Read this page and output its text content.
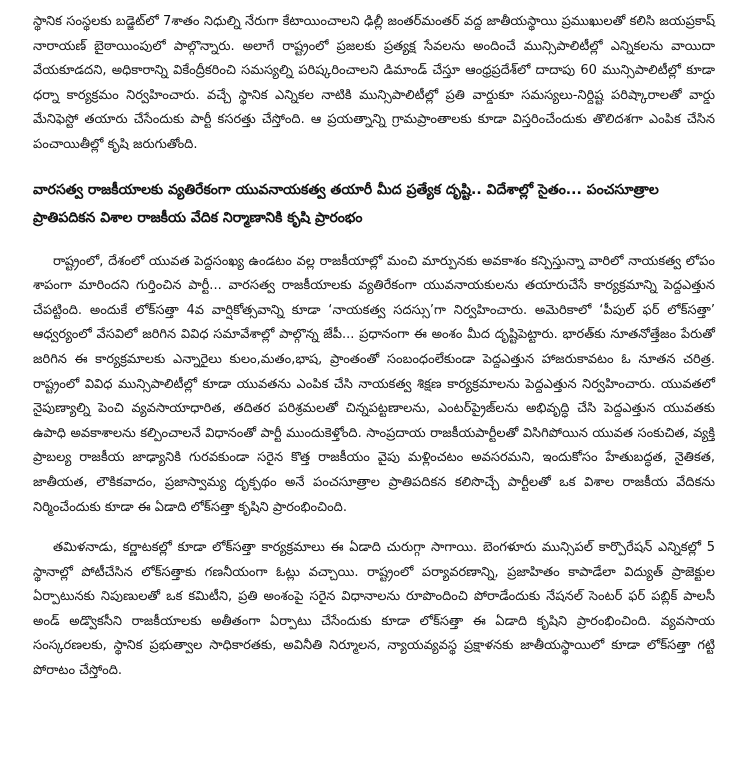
స్థానిక సంస్థలకు బడ్జెట్‌లో 7శాతం నిధుల్ని నేరుగా కేటాయించాలని ఢిల్లీ జంతర్‌మంతర్ వద్ద జాతీయస్థాయి ప్రముఖులతో కలిసి జయప్రకాష్ నారాయణ్ బైఠాయింపులో పాల్గొన్నారు. అలాగే రాష్ట్రంలో ప్రజలకు ప్రత్యక్ష సేవలను అందించే మున్సిపాలిటీల్లో ఎన్నికలను వాయిదా వేయకూడదని, అధికారాన్ని వికేంద్రీకరించి సమస్యల్ని పరిష్కరించాలని డిమాండ్ చేస్తూ ఆంధ్రప్రదేశ్‌లో దాదాపు 60 మున్సిపాలిటీల్లో కూడా ధర్నా కార్యక్రమం నిర్వహించారు. వచ్చే స్థానిక ఎన్నికల నాటికి మున్సిపాలిటీల్లో ప్రతి వార్డుకూ సమస్యలు-నిర్దిష్ట పరిష్కారాలతో వార్డు మేనిఫెస్టో తయారు చేసేందుకు పార్టీ కసరత్తు చేస్తోంది. ఆ ప్రయత్నాన్ని గ్రామప్రాంతాలకు కూడా విస్తరించేందుకు తొలిదశగా ఎంపిక చేసిన పంచాయితీల్లో కృషి జరుగుతోంది.

వారసత్వ రాజకీయాలకు వ్యతిరేకంగా యువనాయకత్వ తయారీ మీద ప్రత్యేక దృష్టి.. విదేశాల్లో సైతం... పంచసూత్రాల ప్రాతిపదికన విశాల రాజకీయ వేదిక నిర్మాణానికి కృషి ప్రారంభం

రాష్ట్రంలో, దేశంలో యువత పెద్దసంఖ్య ఉండటం వల్ల రాజకీయాల్లో మంచి మార్పునకు అవకాశం కన్పిస్తున్నా వారిలో నాయకత్వ లోపం శాపంగా మారిందని గుర్తించిన పార్టీ... వారసత్వ రాజకీయాలకు వ్యతిరేకంగా యువనాయకులను తయారుచేసే కార్యక్రమాన్ని పెద్దఎత్తున చేపట్టింది. అందుకే లోక్‌సత్తా 4వ వార్షికోత్సవాన్ని కూడా ‘నాయకత్వ సదస్సు’గా నిర్వహించారు. అమెరికాలో ‘పీపుల్ ఫర్ లోక్‌సత్తా’ ఆధ్వర్యంలో వేసవిలో జరిగిన వివిధ సమావేశాల్లో పాల్గొన్న జేపీ... ప్రధానంగా ఈ అంశం మీద దృష్టిపెట్టారు. భారత్‌కు నూతనోత్తేజం పేరుతో జరిగిన ఈ కార్యక్రమాలకు ఎన్నారైలు కులం,మతం,భాష, ప్రాంతంతో సంబంధంలేకుండా పెద్దఎత్తున హాజరుకావటం ఓ నూతన చరిత్ర. రాష్ట్రంలో వివిధ మున్సిపాలిటీల్లో కూడా యువతను ఎంపిక చేసి నాయకత్వ శిక్షణ కార్యక్రమాలను పెద్దఎత్తున నిర్వహించారు. యువతలో నైపుణ్యాల్ని పెంచి వ్యవసాయాధారిత, తదితర పరిశ్రమలతో చిన్నపట్టణాలను, ఎంటర్‌ప్రైజ్‌లను అభివృద్ధి చేసి పెద్దఎత్తున యువతకు ఉపాధి అవకాశాలను కల్పించాలనే విధానంతో పార్టీ ముందుకెళ్తోంది. సాంప్రదాయ రాజకీయపార్టీలతో విసిగిపోయిన యువత సంకుచిత, వ్యక్తి ప్రాబల్య రాజకీయ జాఢ్యానికి గురవకుండా సరైన కొత్త రాజకీయం వైపు మళ్లించటం అవసరమని, ఇందుకోసం హేతుబద్ధత, నైతికత, జాతీయత, లౌకికవాదం, ప్రజాస్వామ్య దృక్పథం అనే పంచసూత్రాల ప్రాతిపదికన కలిసొచ్చే పార్టీలతో ఒక విశాల రాజకీయ వేదికను నిర్మించేందుకు కూడా ఈ ఏడాది లోక్‌సత్తా కృషిని ప్రారంభించింది.

తమిళనాడు, కర్ణాటకల్లో కూడా లోక్‌సత్తా కార్యక్రమాలు ఈ ఏడాది చురుగ్గా సాగాయి. బెంగళూరు మున్సిపల్ కార్పొరేషన్ ఎన్నికల్లో 5 స్థానాల్లో పోటీచేసిన లోక్‌సత్తాకు గణనీయంగా ఓట్లు వచ్చాయి. రాష్ట్రంలో పర్యావరణాన్ని, ప్రజాహితం కాపాడేలా విద్యుత్ ప్రాజెక్టుల ఏర్పాటునకు నిపుణులతో ఒక కమిటీని, ప్రతి అంశంపై సరైన విధానాలను రూపొందించి పోరాడేందుకు నేషనల్ సెంటర్ ఫర్ పబ్లిక్ పాలసీ అండ్ అడ్వొకసీని రాజకీయాలకు అతీతంగా ఏర్పాటు చేసేందుకు కూడా లోక్‌సత్తా ఈ ఏడాది కృషిని ప్రారంభించింది. వ్యవసాయ సంస్కరణలకు, స్థానిక ప్రభుత్వాల సాధికారతకు, అవినీతి నిర్మూలన, న్యాయవ్యవస్థ ప్రక్షాళనకు జాతీయస్థాయిలో కూడా లోక్‌సత్తా గట్టి పోరాటం చేస్తోంది.
